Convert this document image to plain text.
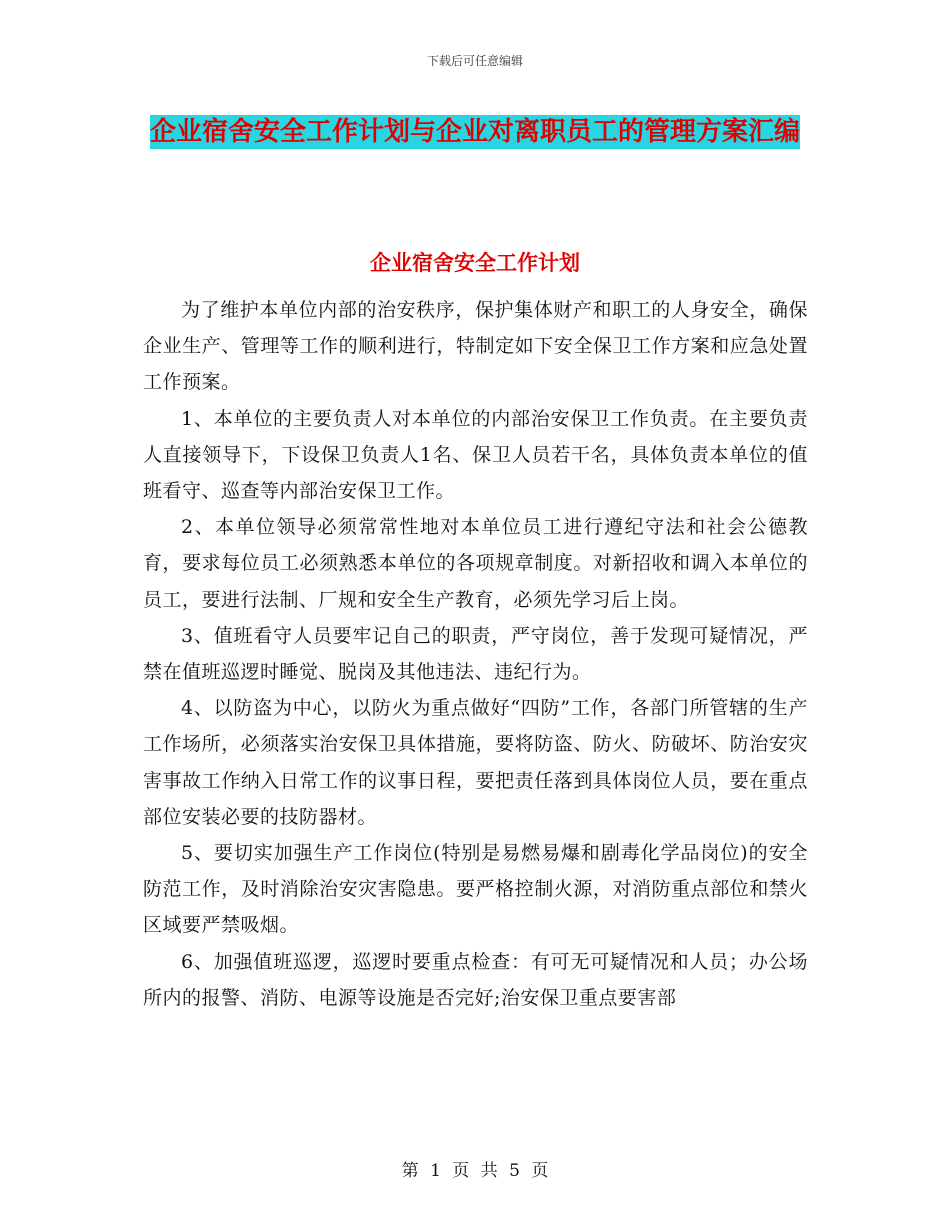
下载后可任意编辑
企业宿舍安全工作计划与企业对离职员工的管理方案汇编
企业宿舍安全工作计划

为了维护本单位内部的治安秩序，保护集体财产和职工的人身安全，确保企业生产、管理等工作的顺利进行，特制定如下安全保卫工作方案和应急处置工作预案。

1、本单位的主要负责人对本单位的内部治安保卫工作负责。在主要负责人直接领导下，下设保卫负责人1名、保卫人员若干名，具体负责本单位的值班看守、巡查等内部治安保卫工作。

2、本单位领导必须常常性地对本单位员工进行遵纪守法和社会公德教育，要求每位员工必须熟悉本单位的各项规章制度。对新招收和调入本单位的员工，要进行法制、厂规和安全生产教育，必须先学习后上岗。

3、值班看守人员要牢记自己的职责，严守岗位，善于发现可疑情况，严禁在值班巡逻时睡觉、脱岗及其他违法、违纪行为。

4、以防盗为中心，以防火为重点做好“四防”工作，各部门所管辖的生产工作场所，必须落实治安保卫具体措施，要将防盗、防火、防破坏、防治安灾害事故工作纳入日常工作的议事日程，要把责任落到具体岗位人员，要在重点部位安装必要的技防器材。

5、要切实加强生产工作岗位(特别是易燃易爆和剧毒化学品岗位)的安全防范工作，及时消除治安灾害隐患。要严格控制火源，对消防重点部位和禁火区域要严禁吸烟。

6、加强值班巡逻，巡逻时要重点检查：有可无可疑情况和人员；办公场所内的报警、消防、电源等设施是否完好;治安保卫重点要害部

第 1 页 共 5 页
